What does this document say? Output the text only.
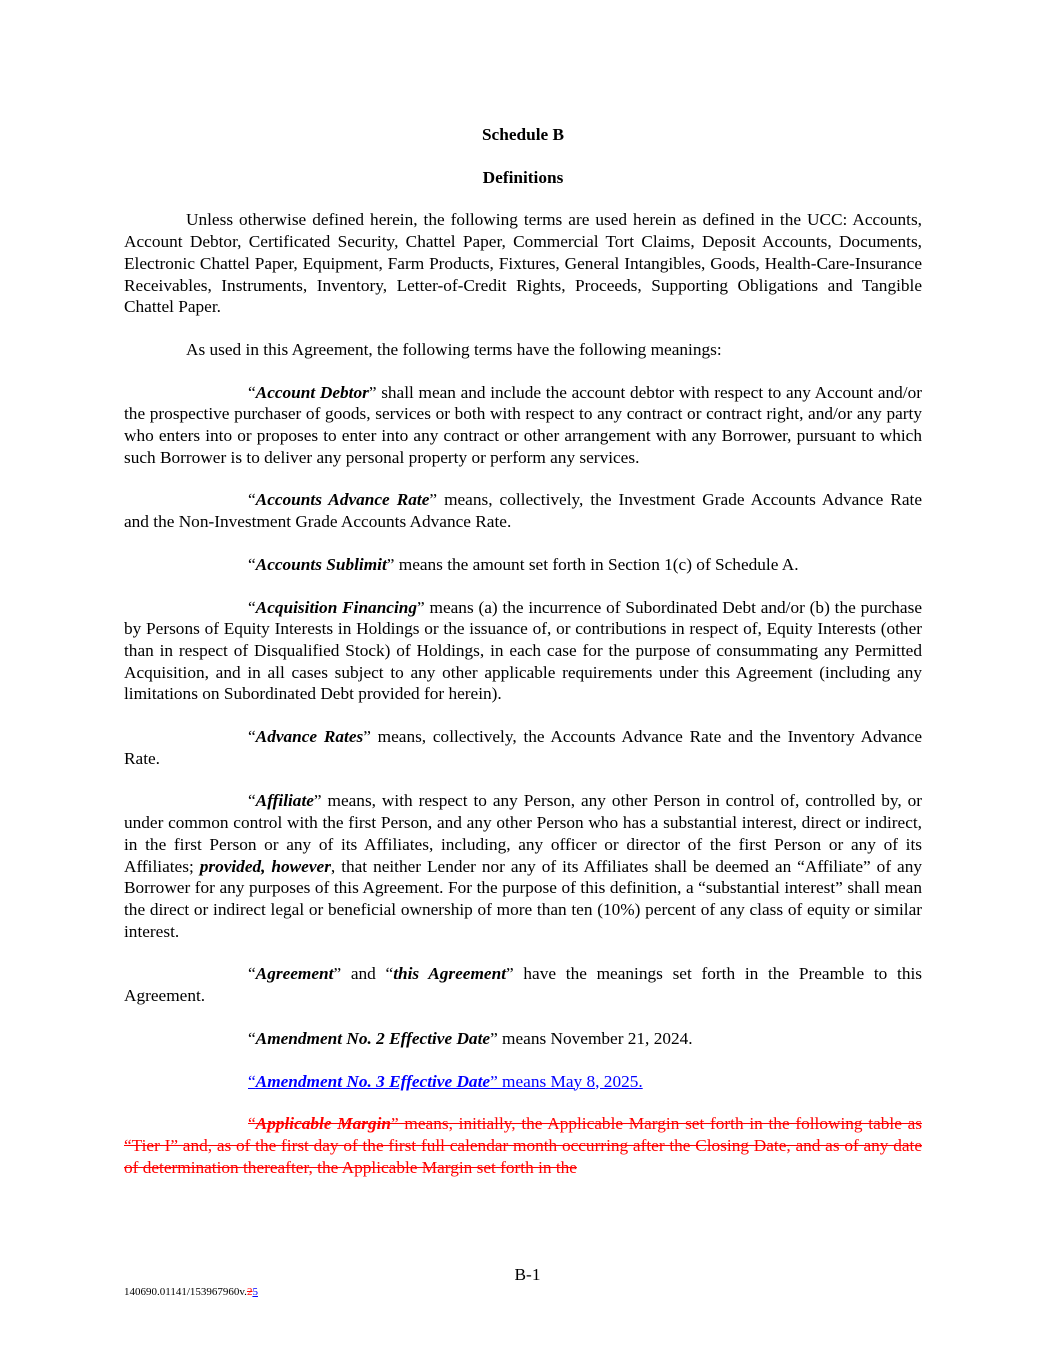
Schedule B
Definitions

Unless otherwise defined herein, the following terms are used herein as defined in the UCC: Accounts, Account Debtor, Certificated Security, Chattel Paper, Commercial Tort Claims, Deposit Accounts, Documents, Electronic Chattel Paper, Equipment, Farm Products, Fixtures, General Intangibles, Goods, Health-Care-Insurance Receivables, Instruments, Inventory, Letter-of-Credit Rights, Proceeds, Supporting Obligations and Tangible Chattel Paper.

As used in this Agreement, the following terms have the following meanings:

“Account Debtor” shall mean and include the account debtor with respect to any Account and/or the prospective purchaser of goods, services or both with respect to any contract or contract right, and/or any party who enters into or proposes to enter into any contract or other arrangement with any Borrower, pursuant to which such Borrower is to deliver any personal property or perform any services.

“Accounts Advance Rate” means, collectively, the Investment Grade Accounts Advance Rate and the Non-Investment Grade Accounts Advance Rate.

“Accounts Sublimit” means the amount set forth in Section 1(c) of Schedule A.

“Acquisition Financing” means (a) the incurrence of Subordinated Debt and/or (b) the purchase by Persons of Equity Interests in Holdings or the issuance of, or contributions in respect of, Equity Interests (other than in respect of Disqualified Stock) of Holdings, in each case for the purpose of consummating any Permitted Acquisition, and in all cases subject to any other applicable requirements under this Agreement (including any limitations on Subordinated Debt provided for herein).

“Advance Rates” means, collectively, the Accounts Advance Rate and the Inventory Advance Rate.

“Affiliate” means, with respect to any Person, any other Person in control of, controlled by, or under common control with the first Person, and any other Person who has a substantial interest, direct or indirect, in the first Person or any of its Affiliates, including, any officer or director of the first Person or any of its Affiliates; provided, however, that neither Lender nor any of its Affiliates shall be deemed an “Affiliate” of any Borrower for any purposes of this Agreement. For the purpose of this definition, a “substantial interest” shall mean the direct or indirect legal or beneficial ownership of more than ten (10%) percent of any class of equity or similar interest.

“Agreement” and “this Agreement” have the meanings set forth in the Preamble to this Agreement.

“Amendment No. 2 Effective Date” means November 21, 2024.

“Amendment No. 3 Effective Date” means May 8, 2025.

“Applicable Margin” means, initially, the Applicable Margin set forth in the following table as “Tier I” and, as of the first day of the first full calendar month occurring after the Closing Date, and as of any date of determination thereafter, the Applicable Margin set forth in the

B-1
140690.01141/153967960v.25
